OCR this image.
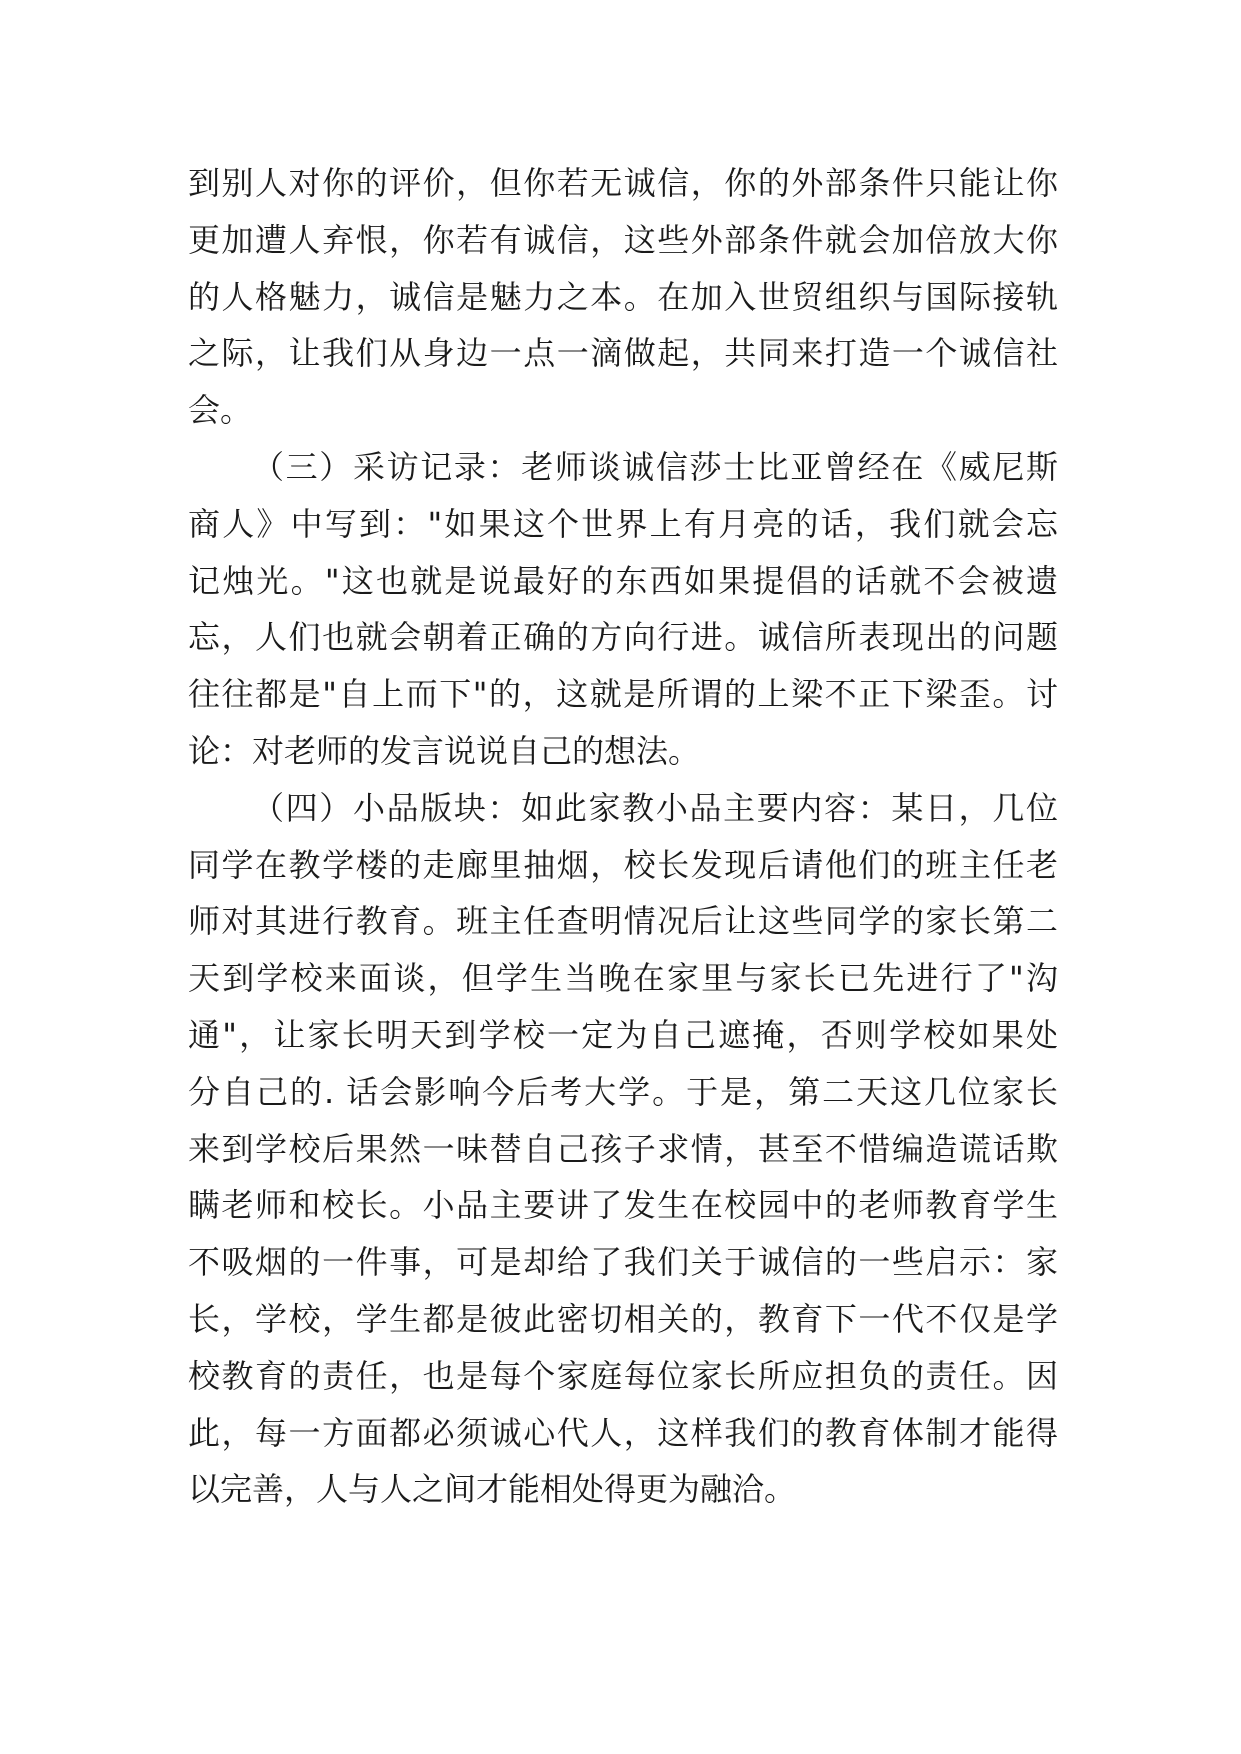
到别人对你的评价，但你若无诚信，你的外部条件只能让你
更加遭人弃恨，你若有诚信，这些外部条件就会加倍放大你
的人格魅力，诚信是魅力之本。在加入世贸组织与国际接轨
之际，让我们从身边一点一滴做起，共同来打造一个诚信社
会。
（三）采访记录：老师谈诚信莎士比亚曾经在《威尼斯
商人》中写到："如果这个世界上有月亮的话，我们就会忘
记烛光。"这也就是说最好的东西如果提倡的话就不会被遗
忘，人们也就会朝着正确的方向行进。诚信所表现出的问题
往往都是"自上而下"的，这就是所谓的上梁不正下梁歪。讨
论：对老师的发言说说自己的想法。
（四）小品版块：如此家教小品主要内容：某日，几位
同学在教学楼的走廊里抽烟，校长发现后请他们的班主任老
师对其进行教育。班主任查明情况后让这些同学的家长第二
天到学校来面谈，但学生当晚在家里与家长已先进行了"沟
通"，让家长明天到学校一定为自己遮掩，否则学校如果处
分自己的. 话会影响今后考大学。于是，第二天这几位家长
来到学校后果然一味替自己孩子求情，甚至不惜编造谎话欺
瞒老师和校长。小品主要讲了发生在校园中的老师教育学生
不吸烟的一件事，可是却给了我们关于诚信的一些启示：家
长，学校，学生都是彼此密切相关的，教育下一代不仅是学
校教育的责任，也是每个家庭每位家长所应担负的责任。因
此，每一方面都必须诚心代人，这样我们的教育体制才能得
以完善，人与人之间才能相处得更为融洽。
